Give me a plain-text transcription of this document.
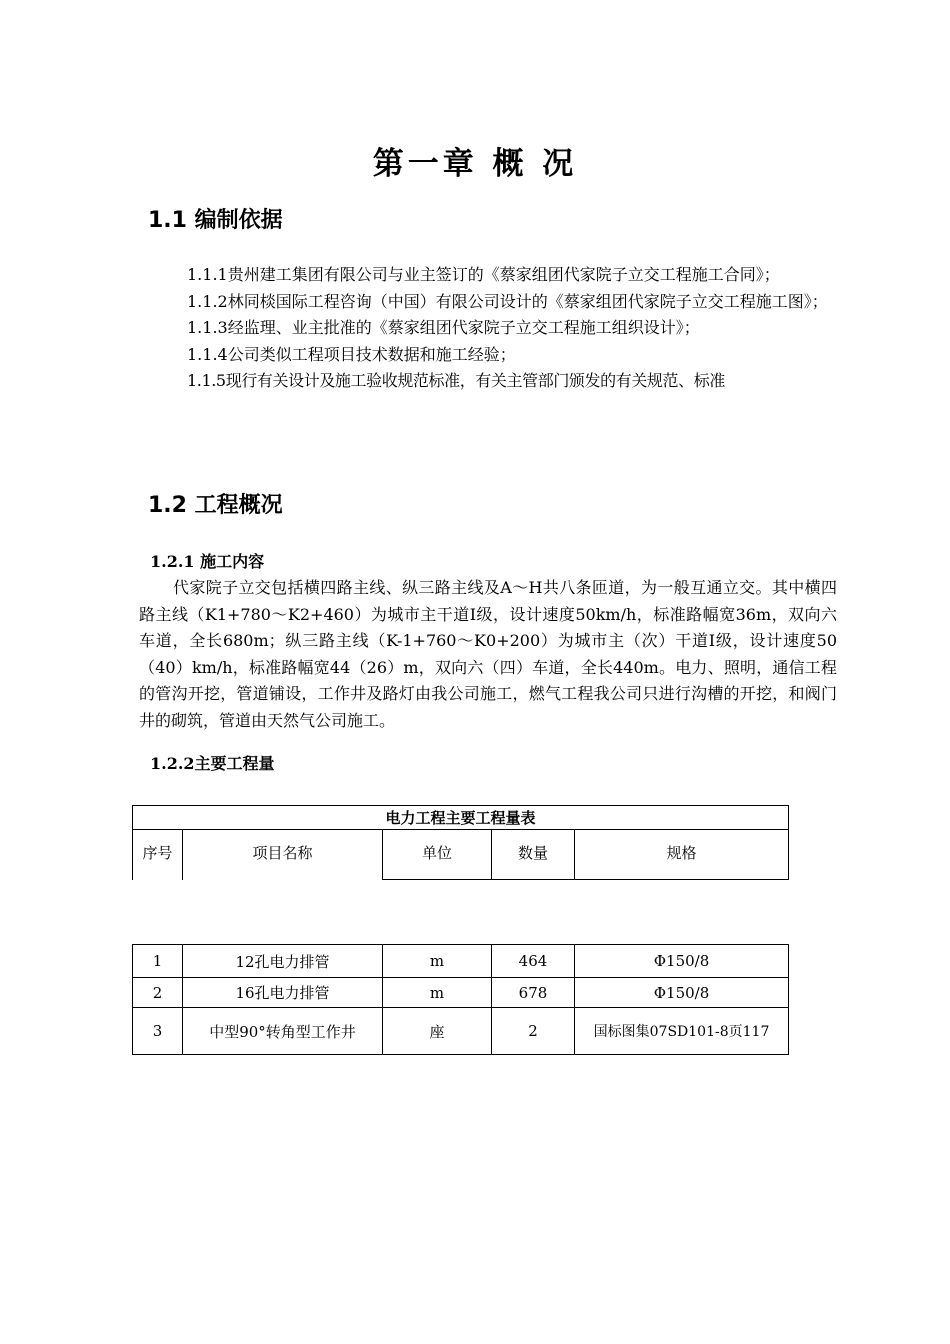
第一章 概 况
1.1 编制依据
1.1.1贵州建工集团有限公司与业主签订的《蔡家组团代家院子立交工程施工合同》；
1.1.2林同棪国际工程咨询（中国）有限公司设计的《蔡家组团代家院子立交工程施工图》；
1.1.3经监理、业主批准的《蔡家组团代家院子立交工程施工组织设计》；
1.1.4公司类似工程项目技术数据和施工经验；
1.1.5现行有关设计及施工验收规范标准，有关主管部门颁发的有关规范、标准
1.2 工程概况
1.2.1 施工内容
代家院子立交包括横四路主线、纵三路主线及A～H共八条匝道，为一般互通立交。其中横四路主线（K1+780～K2+460）为城市主干道Ⅰ级，设计速度50km/h，标准路幅宽36m，双向六车道，全长680m；纵三路主线（K-1+760～K0+200）为城市主（次）干道Ⅰ级，设计速度50（40）km/h，标准路幅宽44（26）m，双向六（四）车道，全长440m。电力、照明，通信工程的管沟开挖，管道铺设，工作井及路灯由我公司施工，燃气工程我公司只进行沟槽的开挖，和阀门井的砌筑，管道由天然气公司施工。
1.2.2主要工程量
电力工程主要工程量表
序号	项目名称	单位	数量	规格
1	12孔电力排管	m	464	Φ150/8
2	16孔电力排管	m	678	Φ150/8
3	中型90°转角型工作井	座	2	国标图集07SD101-8页117
